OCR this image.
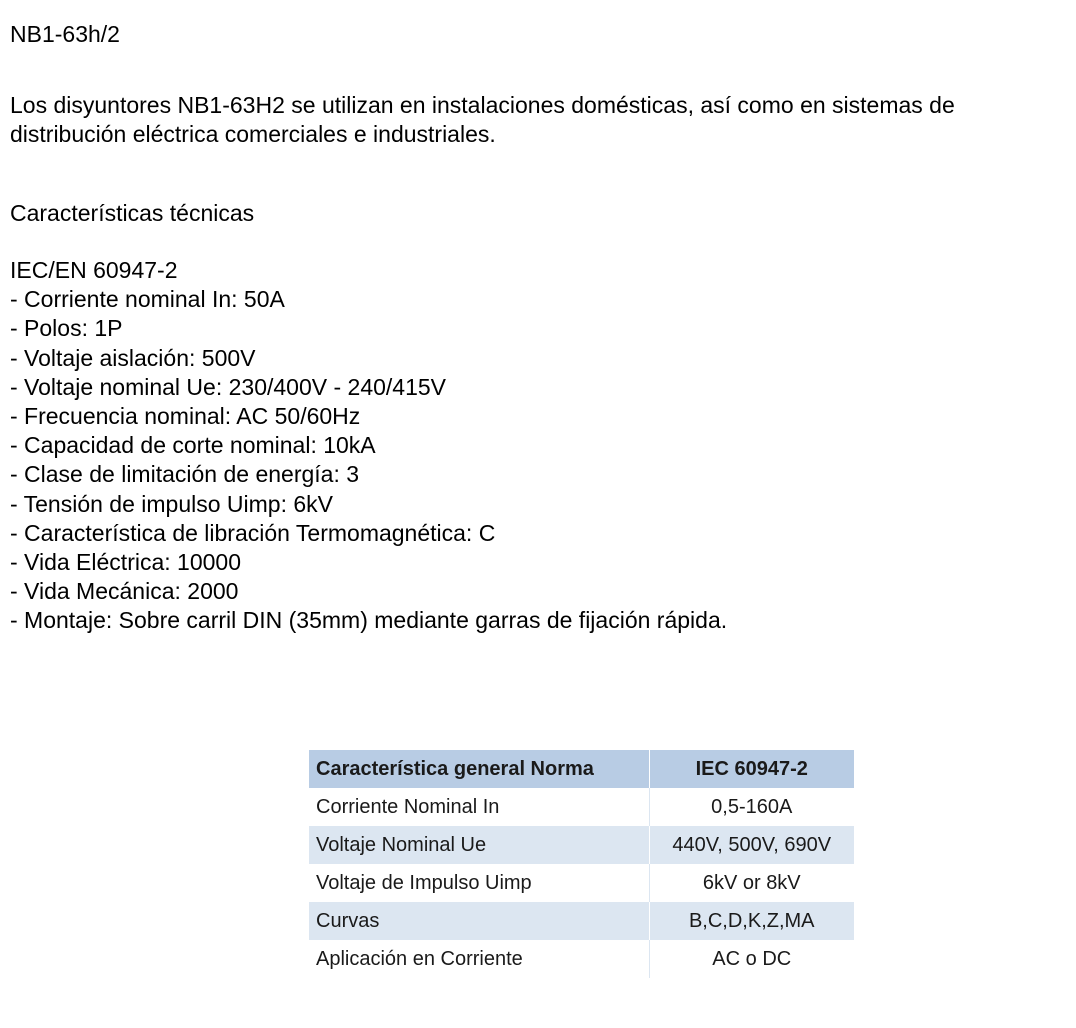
NB1-63h/2

Los disyuntores NB1-63H2 se utilizan en instalaciones domésticas, así como en sistemas de distribución eléctrica comerciales e industriales.

Características técnicas

IEC/EN 60947-2
- Corriente nominal In: 50A
- Polos: 1P
- Voltaje aislación: 500V
- Voltaje nominal Ue: 230/400V - 240/415V
- Frecuencia nominal: AC 50/60Hz
- Capacidad de corte nominal: 10kA
- Clase de limitación de energía: 3
- Tensión de impulso Uimp: 6kV
- Característica de libración Termomagnética: C
- Vida Eléctrica: 10000
- Vida Mecánica: 2000
- Montaje: Sobre carril DIN (35mm) mediante garras de fijación rápida.
Característica general Norma	IEC 60947-2
Corriente Nominal In	0,5-160A
Voltaje Nominal Ue	440V, 500V, 690V
Voltaje de Impulso Uimp	6kV or 8kV
Curvas	B,C,D,K,Z,MA
Aplicación en Corriente	AC o DC
